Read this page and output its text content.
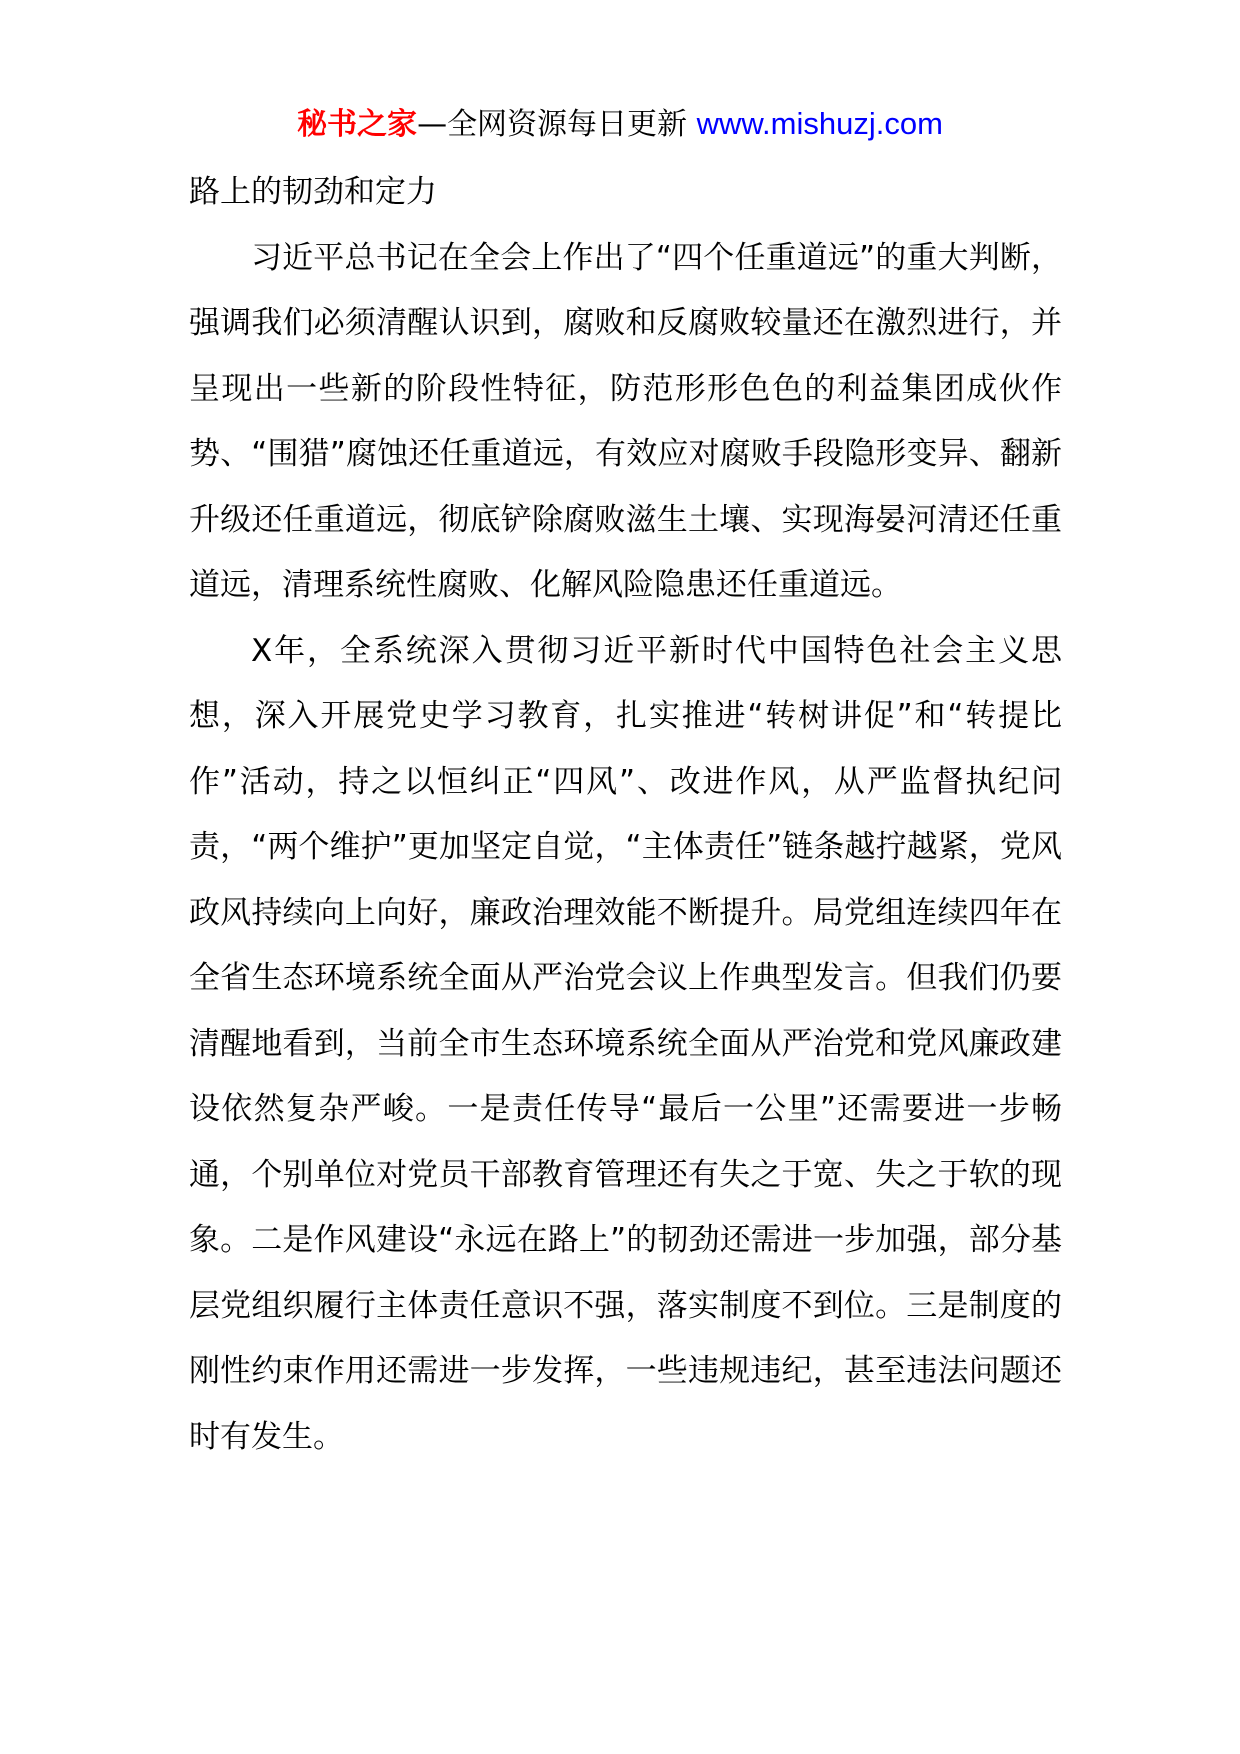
秘书之家—全网资源每日更新 www.mishuzj.com

路上的韧劲和定力

习近平总书记在全会上作出了“四个任重道远”的重大判断，强调我们必须清醒认识到，腐败和反腐败较量还在激烈进行，并呈现出一些新的阶段性特征，防范形形色色的利益集团成伙作势、“围猎”腐蚀还任重道远，有效应对腐败手段隐形变异、翻新升级还任重道远，彻底铲除腐败滋生土壤、实现海晏河清还任重道远，清理系统性腐败、化解风险隐患还任重道远。

X年，全系统深入贯彻习近平新时代中国特色社会主义思想，深入开展党史学习教育，扎实推进“转树讲促”和“转提比作”活动，持之以恒纠正“四风”、改进作风，从严监督执纪问责，“两个维护”更加坚定自觉，“主体责任”链条越拧越紧，党风政风持续向上向好，廉政治理效能不断提升。局党组连续四年在全省生态环境系统全面从严治党会议上作典型发言。但我们仍要清醒地看到，当前全市生态环境系统全面从严治党和党风廉政建设依然复杂严峻。一是责任传导“最后一公里”还需要进一步畅通，个别单位对党员干部教育管理还有失之于宽、失之于软的现象。二是作风建设“永远在路上”的韧劲还需进一步加强，部分基层党组织履行主体责任意识不强，落实制度不到位。三是制度的刚性约束作用还需进一步发挥，一些违规违纪，甚至违法问题还时有发生。
